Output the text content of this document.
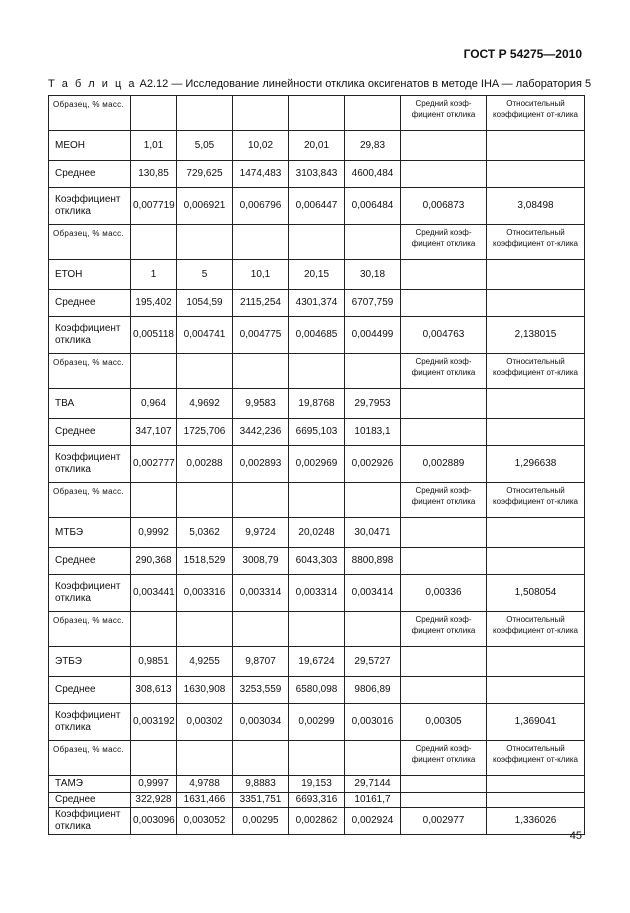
ГОСТ Р 54275—2010
Т а б л и ц а А2.12 — Исследование линейности отклика оксигенатов в методе IHA — лаборатория 5
Образец, % масс.						Средний коэф-фициент отклика	Относительный коэффициент от-клика
МЕОН	1,01	5,05	10,02	20,01	29,83		
Среднее	130,85	729,625	1474,483	3103,843	4600,484		
Коэффициент отклика	0,007719	0,006921	0,006796	0,006447	0,006484	0,006873	3,08498
Образец, % масс.						Средний коэф-фициент отклика	Относительный коэффициент от-клика
ЕТОН	1	5	10,1	20,15	30,18		
Среднее	195,402	1054,59	2115,254	4301,374	6707,759		
Коэффициент отклика	0,005118	0,004741	0,004775	0,004685	0,004499	0,004763	2,138015
Образец, % масс.						Средний коэф-фициент отклика	Относительный коэффициент от-клика
ТВА	0,964	4,9692	9,9583	19,8768	29,7953		
Среднее	347,107	1725,706	3442,236	6695,103	10183,1		
Коэффициент отклика	0,002777	0,00288	0,002893	0,002969	0,002926	0,002889	1,296638
Образец, % масс.						Средний коэф-фициент отклика	Относительный коэффициент от-клика
МТБЭ	0,9992	5,0362	9,9724	20,0248	30,0471		
Среднее	290,368	1518,529	3008,79	6043,303	8800,898		
Коэффициент отклика	0,003441	0,003316	0,003314	0,003314	0,003414	0,00336	1,508054
Образец, % масс.						Средний коэф-фициент отклика	Относительный коэффициент от-клика
ЭТБЭ	0,9851	4,9255	9,8707	19,6724	29,5727		
Среднее	308,613	1630,908	3253,559	6580,098	9806,89		
Коэффициент отклика	0,003192	0,00302	0,003034	0,00299	0,003016	0,00305	1,369041
Образец, % масс.						Средний коэф-фициент отклика	Относительный коэффициент от-клика
ТАМЭ	0,9997	4,9788	9,8883	19,153	29,7144		
Среднее	322,928	1631,466	3351,751	6693,316	10161,7		
Коэффициент отклика	0,003096	0,003052	0,00295	0,002862	0,002924	0,002977	1,336026
45
